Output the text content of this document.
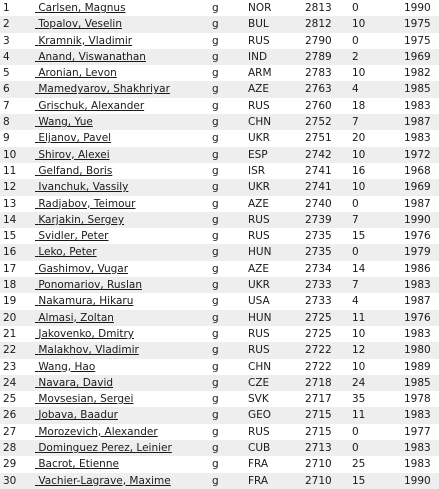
1	Carlsen, Magnus	g	NOR	2813	0	1990
2	Topalov, Veselin	g	BUL	2812	10	1975
3	Kramnik, Vladimir	g	RUS	2790	0	1975
4	Anand, Viswanathan	g	IND	2789	2	1969
5	Aronian, Levon	g	ARM	2783	10	1982
6	Mamedyarov, Shakhriyar	g	AZE	2763	4	1985
7	Grischuk, Alexander	g	RUS	2760	18	1983
8	Wang, Yue	g	CHN	2752	7	1987
9	Eljanov, Pavel	g	UKR	2751	20	1983
10	Shirov, Alexei	g	ESP	2742	10	1972
11	Gelfand, Boris	g	ISR	2741	16	1968
12	Ivanchuk, Vassily	g	UKR	2741	10	1969
13	Radjabov, Teimour	g	AZE	2740	0	1987
14	Karjakin, Sergey	g	RUS	2739	7	1990
15	Svidler, Peter	g	RUS	2735	15	1976
16	Leko, Peter	g	HUN	2735	0	1979
17	Gashimov, Vugar	g	AZE	2734	14	1986
18	Ponomariov, Ruslan	g	UKR	2733	7	1983
19	Nakamura, Hikaru	g	USA	2733	4	1987
20	Almasi, Zoltan	g	HUN	2725	11	1976
21	Jakovenko, Dmitry	g	RUS	2725	10	1983
22	Malakhov, Vladimir	g	RUS	2722	12	1980
23	Wang, Hao	g	CHN	2722	10	1989
24	Navara, David	g	CZE	2718	24	1985
25	Movsesian, Sergei	g	SVK	2717	35	1978
26	Jobava, Baadur	g	GEO	2715	11	1983
27	Morozevich, Alexander	g	RUS	2715	0	1977
28	Dominguez Perez, Leinier	g	CUB	2713	0	1983
29	Bacrot, Etienne	g	FRA	2710	25	1983
30	Vachier-Lagrave, Maxime	g	FRA	2710	15	1990
